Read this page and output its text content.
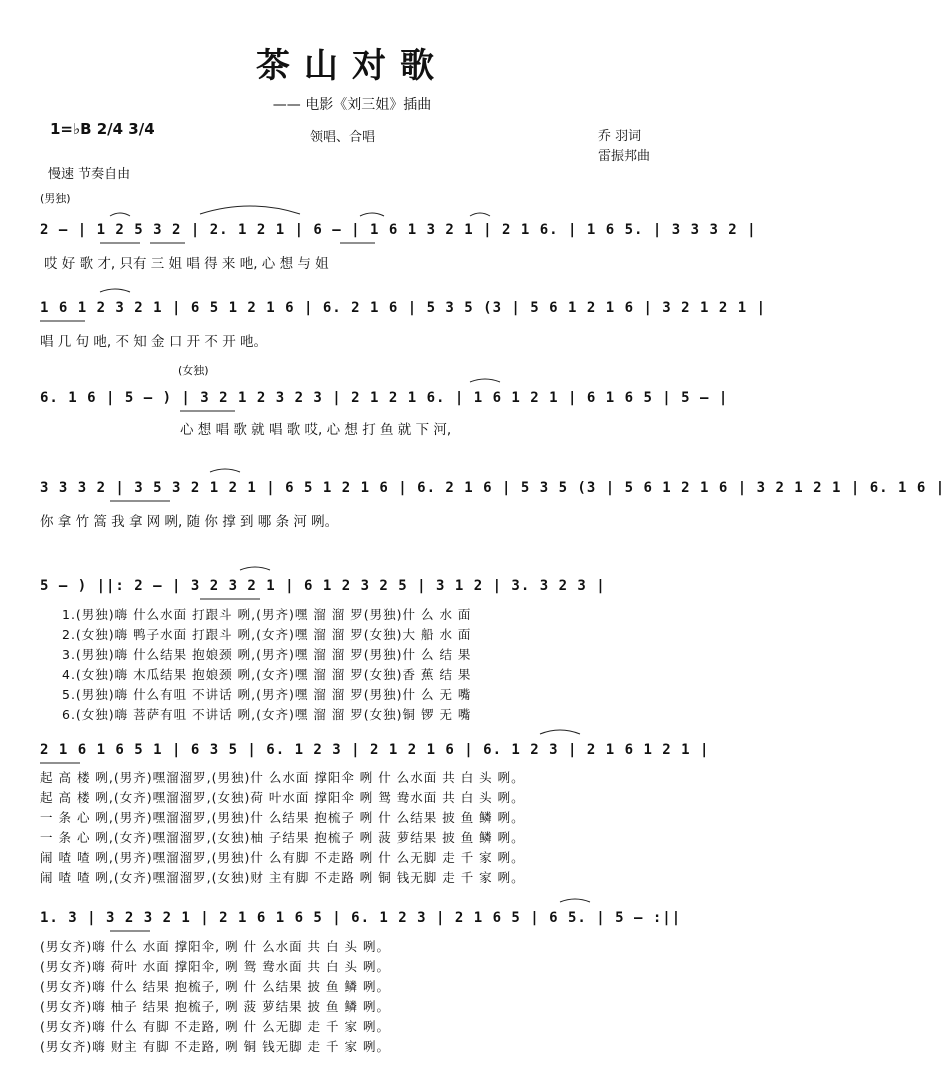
茶山对歌
—— 电影《刘三姐》插曲
1=♭B 2/4 3/4	领唱、合唱	乔 羽词
雷振邦曲
慢速 节奏自由
(男独)
2 – | 1 2 5 3 2 | 2. 1 2 1 | 6 – | 1 6 1 3 2 1 | 2 1 6. | 1 6 5. | 3 3 3 2 |
哎 好 歌 才, 只有 三 姐 唱 得 来 吔, 心 想 与 姐
1 6 1 2 3 2 1 | 6 5 1 2 1 6 | 6. 2 1 6 | 5 3 5 (3 | 5 6 1 2 1 6 | 3 2 1 2 1 |
唱 几 句 吔, 不 知 金 口 开 不 开 吔。
(女独)
6. 1 6 | 5 – ) | 3 2 1 2 3 2 3 | 2 1 2 1 6. | 1 6 1 2 1 | 6 1 6 5 | 5 – |
心 想 唱 歌 就 唱 歌 哎, 心 想 打 鱼 就 下 河,
3 3 3 2 | 3 5 3 2 1 2 1 | 6 5 1 2 1 6 | 6. 2 1 6 | 5 3 5 (3 | 5 6 1 2 1 6 | 3 2 1 2 1 | 6. 1 6 |
你 拿 竹 篙 我 拿 网 咧, 随 你 撑 到 哪 条 河 咧。
5 – ) ||: 2 – | 3 2 3 2 1 | 6 1 2 3 2 5 | 3 1 2 | 3. 3 2 3 |
1.(男独)嗨 什么水面 打跟斗 咧,(男齐)嘿 溜 溜 罗(男独)什 么 水 面
2.(女独)嗨 鸭子水面 打跟斗 咧,(女齐)嘿 溜 溜 罗(女独)大 船 水 面
3.(男独)嗨 什么结果 抱娘颈 咧,(男齐)嘿 溜 溜 罗(男独)什 么 结 果
4.(女独)嗨 木瓜结果 抱娘颈 咧,(女齐)嘿 溜 溜 罗(女独)香 蕉 结 果
5.(男独)嗨 什么有咀 不讲话 咧,(男齐)嘿 溜 溜 罗(男独)什 么 无 嘴
6.(女独)嗨 菩萨有咀 不讲话 咧,(女齐)嘿 溜 溜 罗(女独)铜 锣 无 嘴
2 1 6 1 6 5 1 | 6 3 5 | 6. 1 2 3 | 2 1 2 1 6 | 6. 1 2 3 | 2 1 6 1 2 1 |
起 高 楼 咧,(男齐)嘿溜溜罗,(男独)什 么水面 撑阳伞 咧 什 么水面 共 白 头 咧。
起 高 楼 咧,(女齐)嘿溜溜罗,(女独)荷 叶水面 撑阳伞 咧 鸳 鸯水面 共 白 头 咧。
一 条 心 咧,(男齐)嘿溜溜罗,(男独)什 么结果 抱梳子 咧 什 么结果 披 鱼 鳞 咧。
一 条 心 咧,(女齐)嘿溜溜罗,(女独)柚 子结果 抱梳子 咧 菠 萝结果 披 鱼 鳞 咧。
闹 喳 喳 咧,(男齐)嘿溜溜罗,(男独)什 么有脚 不走路 咧 什 么无脚 走 千 家 咧。
闹 喳 喳 咧,(女齐)嘿溜溜罗,(女独)财 主有脚 不走路 咧 铜 钱无脚 走 千 家 咧。
1. 3 | 3 2 3 2 1 | 2 1 6 1 6 5 | 6. 1 2 3 | 2 1 6 5 | 6 5. | 5 – :||
(男女齐)嗨 什么 水面 撑阳伞, 咧 什 么水面 共 白 头 咧。
(男女齐)嗨 荷叶 水面 撑阳伞, 咧 鸳 鸯水面 共 白 头 咧。
(男女齐)嗨 什么 结果 抱梳子, 咧 什 么结果 披 鱼 鳞 咧。
(男女齐)嗨 柚子 结果 抱梳子, 咧 菠 萝结果 披 鱼 鳞 咧。
(男女齐)嗨 什么 有脚 不走路, 咧 什 么无脚 走 千 家 咧。
(男女齐)嗨 财主 有脚 不走路, 咧 铜 钱无脚 走 千 家 咧。
